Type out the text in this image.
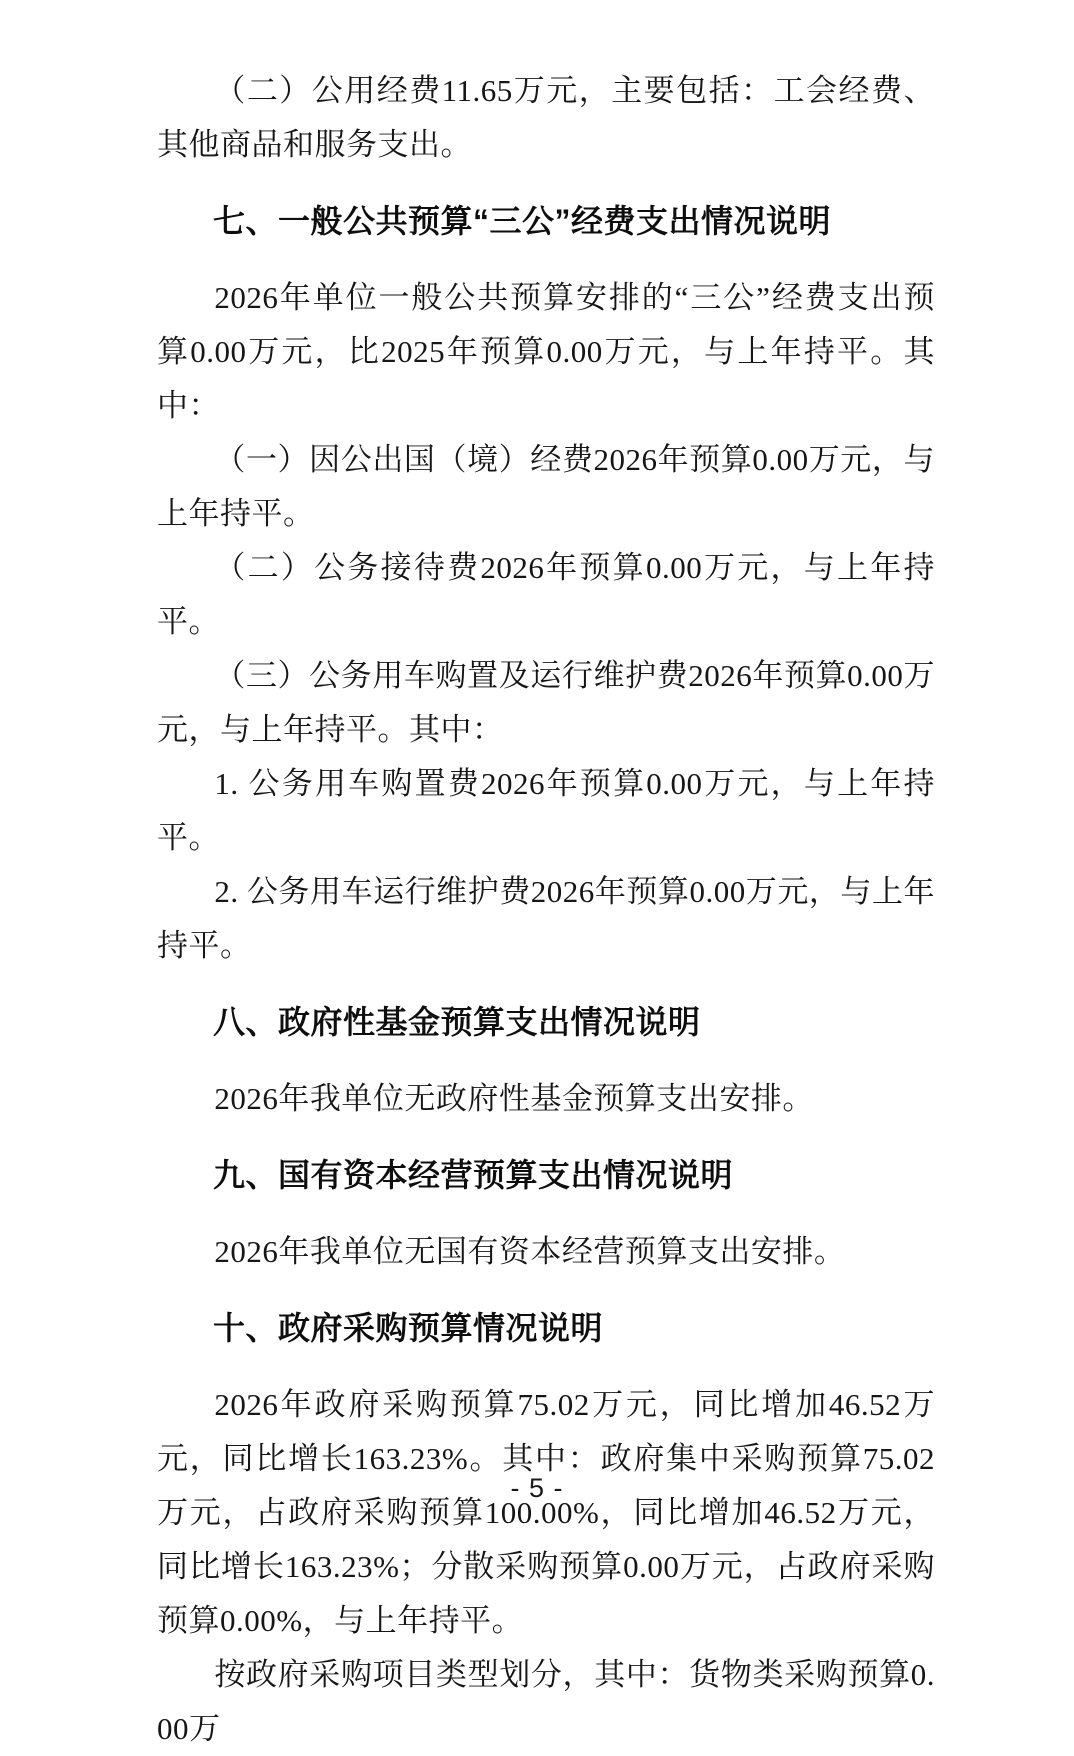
（二）公用经费11.65万元，主要包括：工会经费、其他商品和服务支出。

七、一般公共预算“三公”经费支出情况说明

2026年单位一般公共预算安排的“三公”经费支出预算0.00万元，比2025年预算0.00万元，与上年持平。其中：

（一）因公出国（境）经费2026年预算0.00万元，与上年持平。

（二）公务接待费2026年预算0.00万元，与上年持平。

（三）公务用车购置及运行维护费2026年预算0.00万元，与上年持平。其中：

1. 公务用车购置费2026年预算0.00万元，与上年持平。

2. 公务用车运行维护费2026年预算0.00万元，与上年持平。

八、政府性基金预算支出情况说明

2026年我单位无政府性基金预算支出安排。

九、国有资本经营预算支出情况说明

2026年我单位无国有资本经营预算支出安排。

十、政府采购预算情况说明

2026年政府采购预算75.02万元，同比增加46.52万元，同比增长163.23%。其中：政府集中采购预算75.02万元，占政府采购预算100.00%，同比增加46.52万元，同比增长163.23%；分散采购预算0.00万元，占政府采购预算0.00%，与上年持平。

按政府采购项目类型划分，其中：货物类采购预算0.00万

- 5 -
